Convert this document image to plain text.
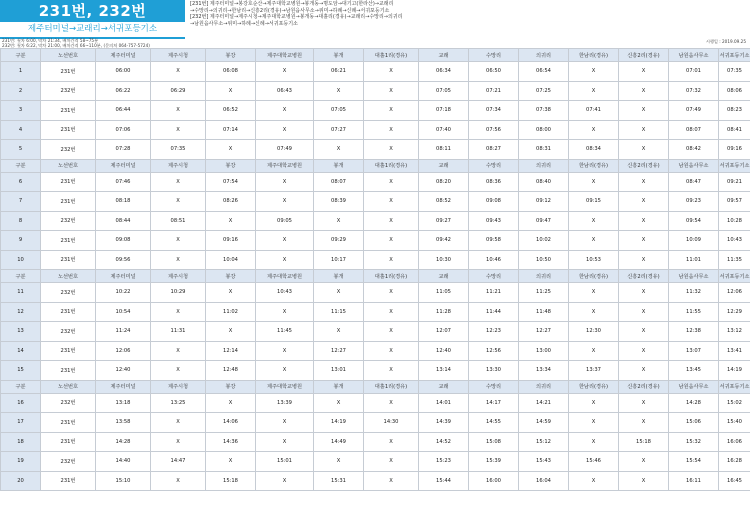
231번, 232번
제주터미널→교래리→서귀포등기소
[231번] 제주터미널→봉강호순산→제주대학교병원→봉개동→명도암→대기고(한라산)→교래리
→수망리→의귀리→한남리→신흥2리(경유)→남원읍사무소→위미→하례→신례→서귀포등기소
[232번] 제주터미널→제주시청→제주대학교병원→봉개동→대흘리(경유)→교래리→수망리→의귀리
→남원읍사무소→위미→하례→신례→서귀포등기소
231번: 첫차 6:00, 막차 21:34, 배차간격 58~75분
232번: 첫차 6:22, 막차 21:00, 배차간격 66~110분, (문의처 064-757-5724)
시행일 : 2019.09.25
구분	노선번호	제주터미널	제주시청	봉강	제주대학교병원	봉개	대흘1리(경유)	교래	수망리	의귀리	한남리(경유)	신흥2리(경유)	남원읍사무소	서귀포등기소
1	231번	06:00	X	06:08	X	06:21	X	06:34	06:50	06:54	X	X	07:01	07:35
2	232번	06:22	06:29	X	06:43	X	X	07:05	07:21	07:25	X	X	07:32	08:06
3	231번	06:44	X	06:52	X	07:05	X	07:18	07:34	07:38	07:41	X	07:49	08:23
4	231번	07:06	X	07:14	X	07:27	X	07:40	07:56	08:00	X	X	08:07	08:41
5	232번	07:28	07:35	X	07:49	X	X	08:11	08:27	08:31	08:34	X	08:42	09:16
구분	노선번호	제주터미널	제주시청	봉강	제주대학교병원	봉개	대흘1리(경유)	교래	수망리	의귀리	한남리(경유)	신흥2리(경유)	남원읍사무소	서귀포등기소
6	231번	07:46	X	07:54	X	08:07	X	08:20	08:36	08:40	X	X	08:47	09:21
7	231번	08:18	X	08:26	X	08:39	X	08:52	09:08	09:12	09:15	X	09:23	09:57
8	232번	08:44	08:51	X	09:05	X	X	09:27	09:43	09:47	X	X	09:54	10:28
9	231번	09:08	X	09:16	X	09:29	X	09:42	09:58	10:02	X	X	10:09	10:43
10	231번	09:56	X	10:04	X	10:17	X	10:30	10:46	10:50	10:53	X	11:01	11:35
구분	노선번호	제주터미널	제주시청	봉강	제주대학교병원	봉개	대흘1리(경유)	교래	수망리	의귀리	한남리(경유)	신흥2리(경유)	남원읍사무소	서귀포등기소
11	232번	10:22	10:29	X	10:43	X	X	11:05	11:21	11:25	X	X	11:32	12:06
12	231번	10:54	X	11:02	X	11:15	X	11:28	11:44	11:48	X	X	11:55	12:29
13	232번	11:24	11:31	X	11:45	X	X	12:07	12:23	12:27	12:30	X	12:38	13:12
14	231번	12:06	X	12:14	X	12:27	X	12:40	12:56	13:00	X	X	13:07	13:41
15	231번	12:40	X	12:48	X	13:01	X	13:14	13:30	13:34	13:37	X	13:45	14:19
구분	노선번호	제주터미널	제주시청	봉강	제주대학교병원	봉개	대흘1리(경유)	교래	수망리	의귀리	한남리(경유)	신흥2리(경유)	남원읍사무소	서귀포등기소
16	232번	13:18	13:25	X	13:39	X	X	14:01	14:17	14:21	X	X	14:28	15:02
17	231번	13:58	X	14:06	X	14:19	14:30	14:39	14:55	14:59	X	X	15:06	15:40
18	231번	14:28	X	14:36	X	14:49	X	14:52	15:08	15:12	X	15:18	15:32	16:06
19	232번	14:40	14:47	X	15:01	X	X	15:23	15:39	15:43	15:46	X	15:54	16:28
20	231번	15:10	X	15:18	X	15:31	X	15:44	16:00	16:04	X	X	16:11	16:45
